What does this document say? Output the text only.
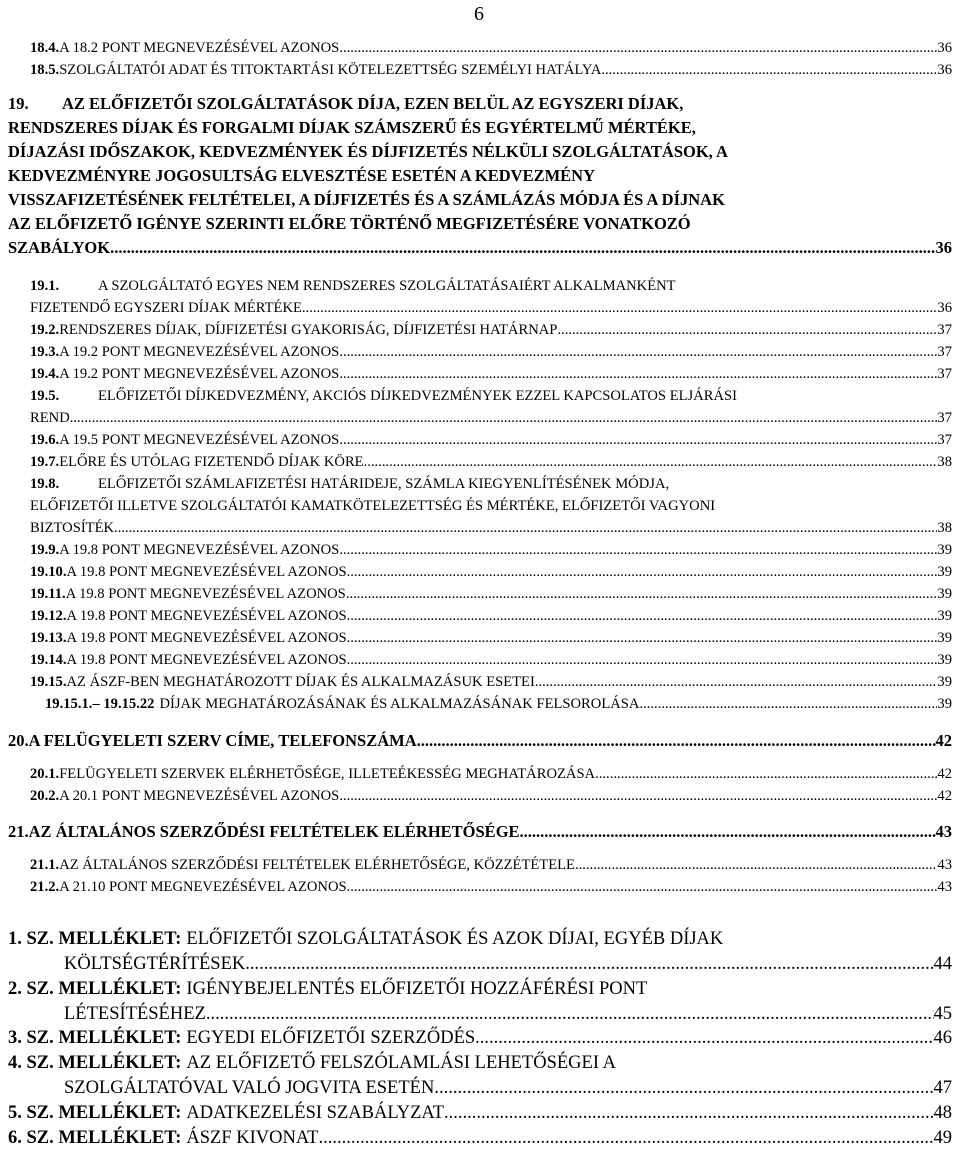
6
18.4. A 18.2 PONT MEGNEVEZÉSÉVEL AZONOS .....	36
18.5. SZOLGÁLTATÓI ADAT ÉS TITOKTARTÁSI KÖTELEZETTSÉG SZEMÉLYI HATÁLYA .....	36
19. AZ ELŐFIZETŐI SZOLGÁLTATÁSOK DÍJA, EZEN BELÜL AZ EGYSZERI DÍJAK,
RENDSZERES DÍJAK ÉS FORGALMI DÍJAK SZÁMSZERŰ ÉS EGYÉRTELMŰ MÉRTÉKE,
DÍJAZÁSI IDŐSZAKOK, KEDVEZMÉNYEK ÉS DÍJFIZETÉS NÉLKÜLI SZOLGÁLTATÁSOK, A
KEDVEZMÉNYRE JOGOSULTSÁG ELVESZTÉSE ESETÉN A KEDVEZMÉNY
VISSZAFIZETÉSÉNEK FELTÉTELEI, A DÍJFIZETÉS ÉS A SZÁMLÁZÁS MÓDJA ÉS A DÍJNAK
AZ ELŐFIZETŐ IGÉNYE SZERINTI ELŐRE TÖRTÉNŐ MEGFIZETÉSÉRE VONATKOZÓ
SZABÁLYOK .....	36
19.1.	A SZOLGÁLTATÓ EGYES NEM RENDSZERES SZOLGÁLTATÁSAIÉRT ALKALMANKÉNT
FIZETENDŐ EGYSZERI DÍJAK MÉRTÉKE .....	36
19.2. RENDSZERES DÍJAK, DÍJFIZETÉSI GYAKORISÁG, DÍJFIZETÉSI HATÁRNAP .....	37
19.3. A 19.2 PONT MEGNEVEZÉSÉVEL AZONOS .....	37
19.4. A 19.2 PONT MEGNEVEZÉSÉVEL AZONOS .....	37
19.5.	ELŐFIZETŐI DÍJKEDVEZMÉNY, AKCIÓS DÍJKEDVEZMÉNYEK EZZEL KAPCSOLATOS ELJÁRÁSI
REND .....	37
19.6. A 19.5 PONT MEGNEVEZÉSÉVEL AZONOS .....	37
19.7. ELŐRE ÉS UTÓLAG FIZETENDŐ DÍJAK KÖRE .....	38
19.8.	ELŐFIZETŐI SZÁMLAFIZETÉSI HATÁRIDEJE, SZÁMLA KIEGYENLÍTÉSÉNEK MÓDJA,
ELŐFIZETŐI ILLETVE SZOLGÁLTATÓI KAMATKÖTELEZETTSÉG ÉS MÉRTÉKE, ELŐFIZETŐI VAGYONI
BIZTOSÍTÉK .....	38
19.9. A 19.8 PONT MEGNEVEZÉSÉVEL AZONOS .....	39
19.10. A 19.8 PONT MEGNEVEZÉSÉVEL AZONOS .....	39
19.11. A 19.8 PONT MEGNEVEZÉSÉVEL AZONOS .....	39
19.12. A 19.8 PONT MEGNEVEZÉSÉVEL AZONOS .....	39
19.13. A 19.8 PONT MEGNEVEZÉSÉVEL AZONOS .....	39
19.14. A 19.8 PONT MEGNEVEZÉSÉVEL AZONOS .....	39
19.15. AZ ÁSZF-BEN MEGHATÁROZOTT DÍJAK ÉS ALKALMAZÁSUK ESETEI .....	39
19.15.1.– 19.15.22 DÍJAK MEGHATÁROZÁSÁNAK ÉS ALKALMAZÁSÁNAK FELSOROLÁSA .....	39
20. A FELÜGYELETI SZERV CÍME, TELEFONSZÁMA .....	42
20.1. FELÜGYELETI SZERVEK ELÉRHETŐSÉGE, ILLETEÉKESSÉG MEGHATÁROZÁSA .....	42
20.2. A 20.1 PONT MEGNEVEZÉSÉVEL AZONOS .....	42
21. AZ ÁLTALÁNOS SZERZŐDÉSI FELTÉTELEK ELÉRHETŐSÉGE .....	43
21.1. AZ ÁLTALÁNOS SZERZŐDÉSI FELTÉTELEK ELÉRHETŐSÉGE, KÖZZÉTÉTELE .....	43
21.2. A 21.10 PONT MEGNEVEZÉSÉVEL AZONOS .....	43
1. SZ. MELLÉKLET: ELŐFIZETŐI SZOLGÁLTATÁSOK ÉS AZOK DÍJAI, EGYÉB DÍJAK
KÖLTSÉGTÉRÍTÉSEK .....	44
2. SZ. MELLÉKLET: IGÉNYBEJELENTÉS ELŐFIZETŐI HOZZÁFÉRÉSI PONT
LÉTESÍTÉSÉHEZ .....	45
3. SZ. MELLÉKLET: EGYEDI ELŐFIZETŐI SZERZŐDÉS .....	46
4. SZ. MELLÉKLET: AZ ELŐFIZETŐ FELSZÓLAMLÁSI LEHETŐSÉGEI A
SZOLGÁLTATÓVAL VALÓ JOGVITA ESETÉN .....	47
5. SZ. MELLÉKLET: ADATKEZELÉSI SZABÁLYZAT .....	48
6. SZ. MELLÉKLET: ÁSZF KIVONAT .....	49
